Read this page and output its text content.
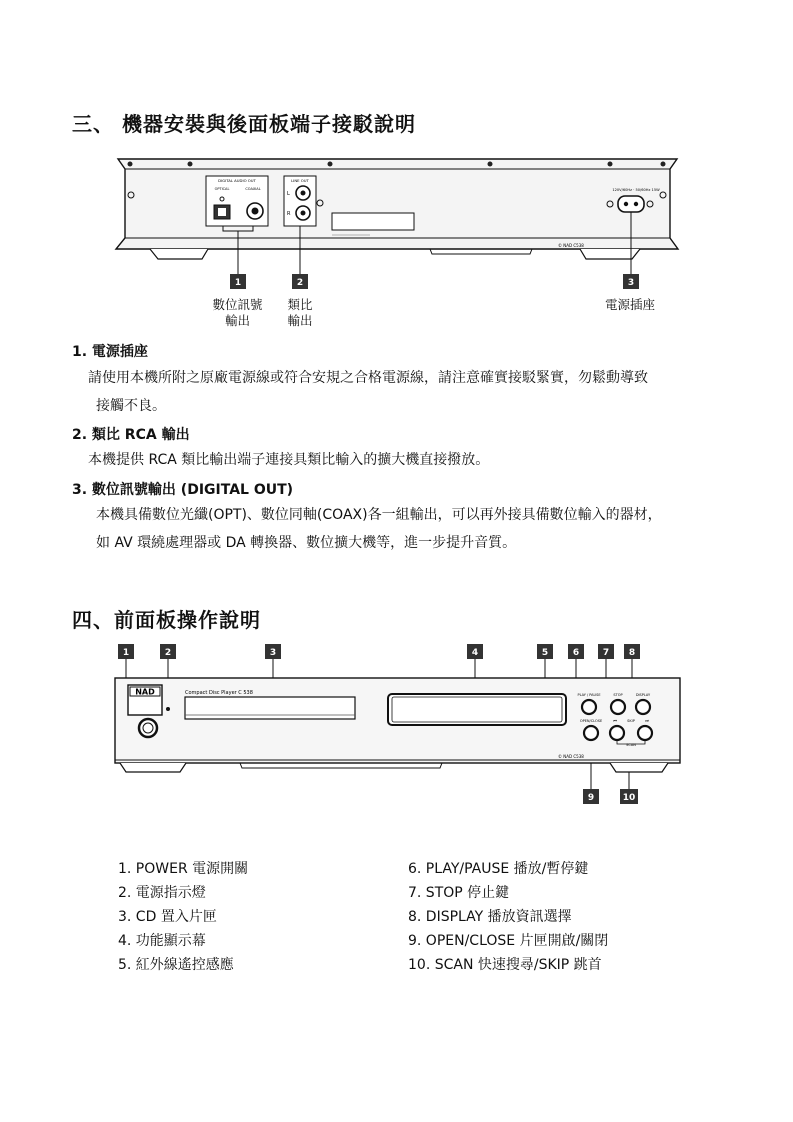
三、 機器安裝與後面板端子接駁說明
DIGITAL AUDIO OUT
OPTICAL	COAXIAL
LINE OUT
L
R
120V/60Hz · 50/60Hz 15W
© NAD C538
1	2	3
數位訊號
輸出
類比
輸出
電源插座
1. 電源插座
請使用本機所附之原廠電源線或符合安規之合格電源線，請注意確實接駁緊實，勿鬆動導致
接觸不良。
2. 類比 RCA 輸出
本機提供 RCA 類比輸出端子連接具類比輸入的擴大機直接撥放。
3. 數位訊號輸出 (DIGITAL OUT)
本機具備數位光纖(OPT)、數位同軸(COAX)各一組輸出，可以再外接具備數位輸入的器材，
如 AV 環繞處理器或 DA 轉換器、數位擴大機等，進一步提升音質。
四、前面板操作說明
1	2	3	4	5	6	7 8
9	10
NAD	Compact Disc Player C 538	PLAY / PAUSE	STOP	DISPLAY
OPEN/CLOSE	SKIP
SCAN
⏮	⏭
© NAD C538
1. POWER 電源開關
2. 電源指示燈
3. CD 置入片匣
4. 功能顯示幕
5. 紅外線遙控感應
6. PLAY/PAUSE 播放/暫停鍵
7. STOP 停止鍵
8. DISPLAY 播放資訊選擇
9. OPEN/CLOSE 片匣開啟/關閉
10. SCAN 快速搜尋/SKIP 跳首
